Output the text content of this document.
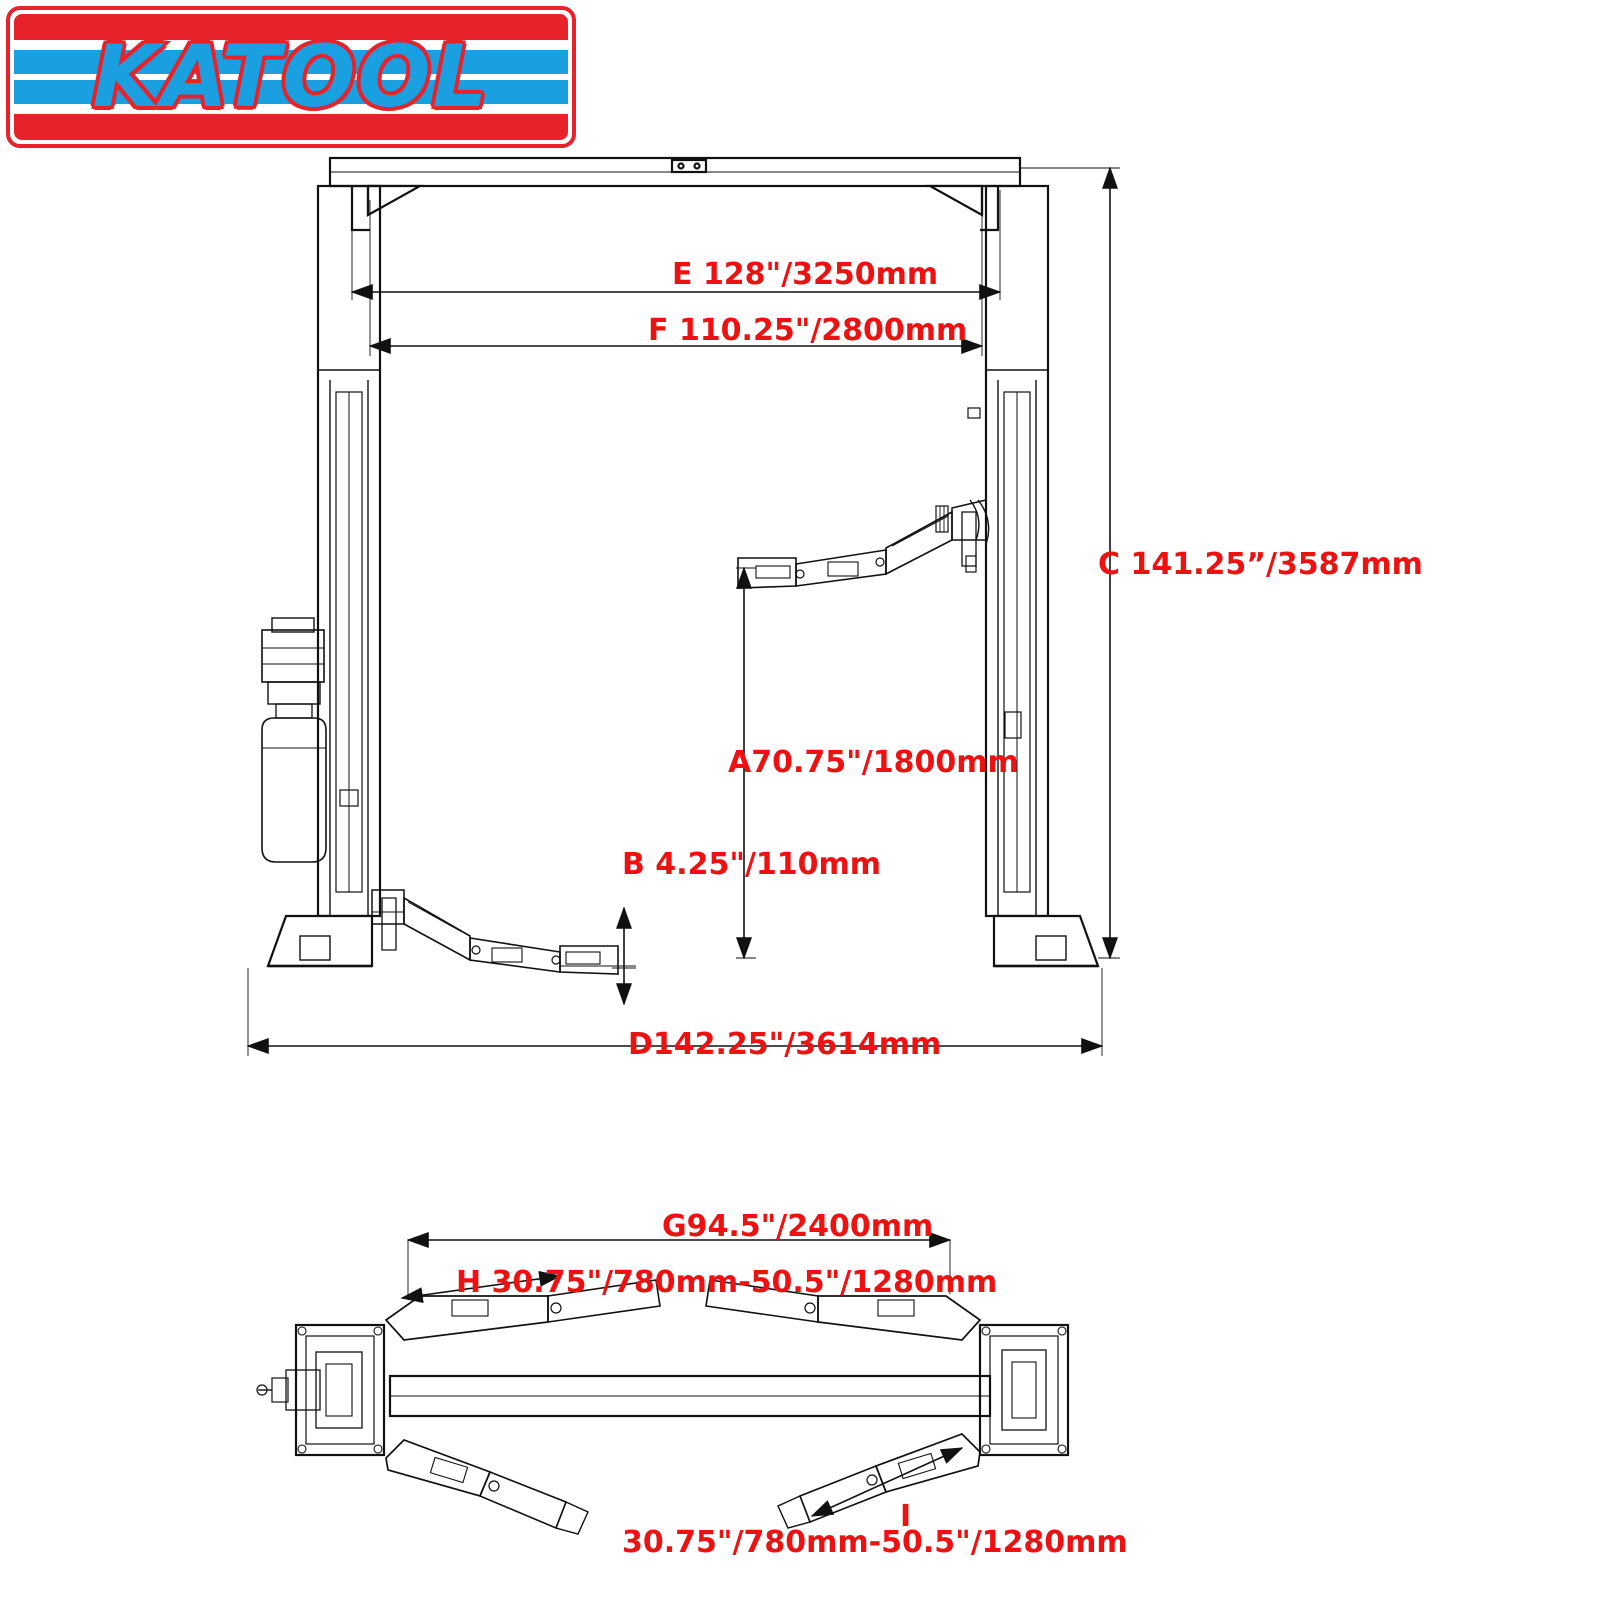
KATOOL
E 128"/3250mm
F 110.25"/2800mm
C 141.25”/3587mm
A70.75"/1800mm
B 4.25"/110mm
D142.25"/3614mm
G94.5"/2400mm
H 30.75"/780mm-50.5"/1280mm
I
30.75"/780mm-50.5"/1280mm
